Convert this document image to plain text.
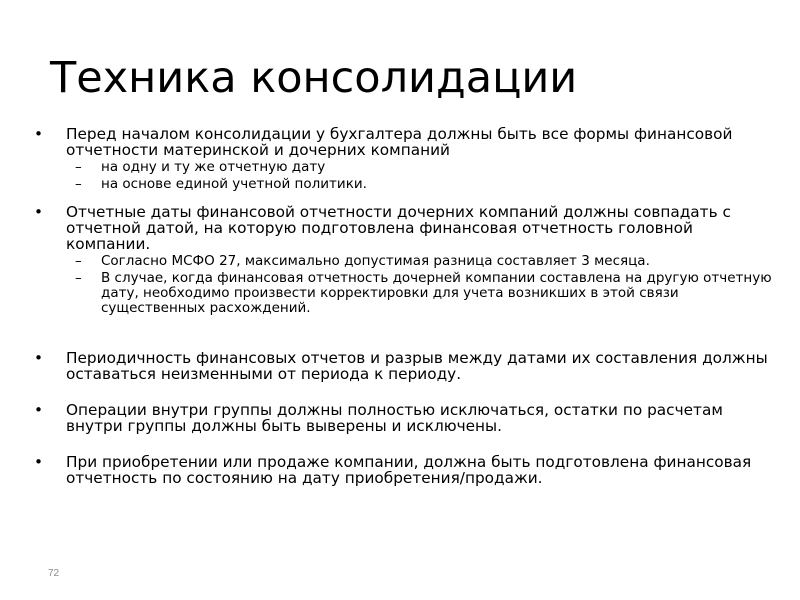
Техника консолидации
•	Перед началом консолидации у бухгалтера должны быть все формы финансовой отчетности материнской и дочерних компаний
–	на одну и ту же отчетную дату
–	на основе единой учетной политики.
•	Отчетные даты финансовой отчетности дочерних компаний должны совпадать с отчетной датой, на которую подготовлена финансовая отчетность головной компании.
–	Согласно МСФО 27, максимально допустимая разница составляет 3 месяца.
–	В случае, когда финансовая отчетность дочерней компании составлена на другую отчетную дату, необходимо произвести корректировки для учета возникших в этой связи существенных расхождений.
•	Периодичность финансовых отчетов и разрыв между датами их составления должны оставаться неизменными от периода к периоду.
•	Операции внутри группы должны полностью исключаться, остатки по расчетам внутри группы должны быть выверены и исключены.
•	При приобретении или продаже компании, должна быть подготовлена финансовая отчетность по состоянию на дату приобретения/продажи.
72
